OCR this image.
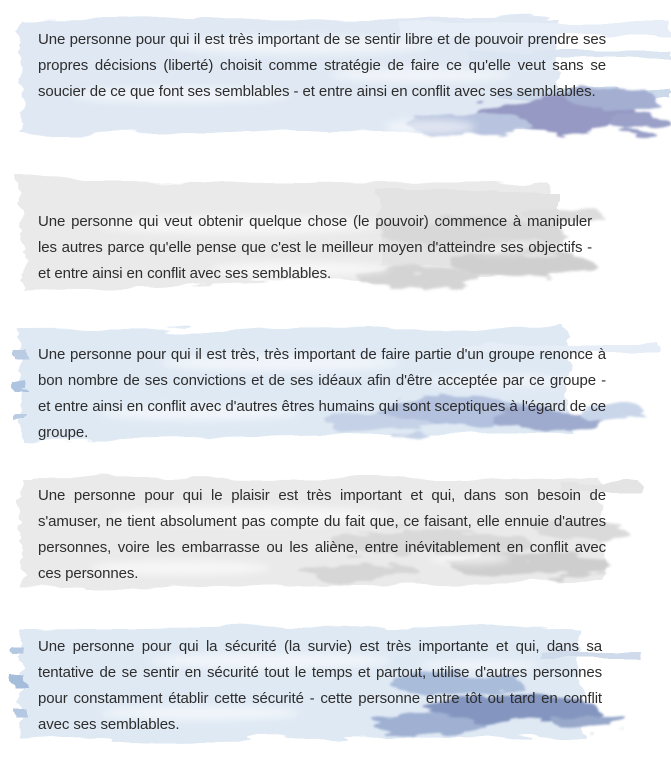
Une personne pour qui il est très important de se sentir libre et de pouvoir prendre ses propres décisions (liberté) choisit comme stratégie de faire ce qu'elle veut sans se soucier de ce que font ses semblables - et entre ainsi en conflit avec ses semblables.

Une personne qui veut obtenir quelque chose (le pouvoir) commence à manipuler les autres parce qu'elle pense que c'est le meilleur moyen d'atteindre ses objectifs - et entre ainsi en conflit avec ses semblables.

Une personne pour qui il est très, très important de faire partie d'un groupe renonce à bon nombre de ses convictions et de ses idéaux afin d'être acceptée par ce groupe - et entre ainsi en conflit avec d'autres êtres humains qui sont sceptiques à l'égard de ce groupe.

Une personne pour qui le plaisir est très important et qui, dans son besoin de s'amuser, ne tient absolument pas compte du fait que, ce faisant, elle ennuie d'autres personnes, voire les embarrasse ou les aliène, entre inévitablement en conflit avec ces personnes.

Une personne pour qui la sécurité (la survie) est très importante et qui, dans sa tentative de se sentir en sécurité tout le temps et partout, utilise d'autres personnes pour constamment établir cette sécurité - cette personne entre tôt ou tard en conflit avec ses semblables.
